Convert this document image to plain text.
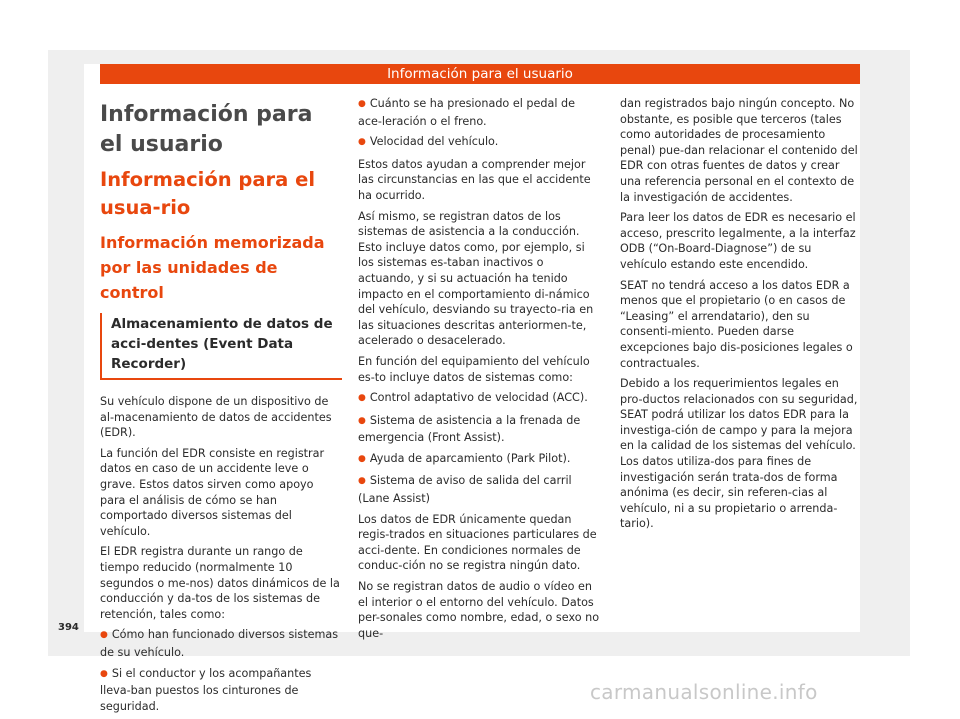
Información para el usuario
Información para el usuario
Información para el usua-rio
Información memorizada por las unidades de control
Almacenamiento de datos de acci-dentes (Event Data Recorder)
Su vehículo dispone de un dispositivo de al-macenamiento de datos de accidentes (EDR).
La función del EDR consiste en registrar datos en caso de un accidente leve o grave. Estos datos sirven como apoyo para el análisis de cómo se han comportado diversos sistemas del vehículo.
El EDR registra durante un rango de tiempo reducido (normalmente 10 segundos o me-nos) datos dinámicos de la conducción y da-tos de los sistemas de retención, tales como:
● Cómo han funcionado diversos sistemas de su vehículo.
● Si el conductor y los acompañantes lleva-ban puestos los cinturones de seguridad.
● Cuánto se ha presionado el pedal de ace-leración o el freno.
● Velocidad del vehículo.
Estos datos ayudan a comprender mejor las circunstancias en las que el accidente ha ocurrido.
Así mismo, se registran datos de los sistemas de asistencia a la conducción. Esto incluye datos como, por ejemplo, si los sistemas es-taban inactivos o actuando, y si su actuación ha tenido impacto en el comportamiento di-námico del vehículo, desviando su trayecto-ria en las situaciones descritas anteriormen-te, acelerado o desacelerado.
En función del equipamiento del vehículo es-to incluye datos de sistemas como:
● Control adaptativo de velocidad (ACC).
● Sistema de asistencia a la frenada de emergencia (Front Assist).
● Ayuda de aparcamiento (Park Pilot).
● Sistema de aviso de salida del carril (Lane Assist)
Los datos de EDR únicamente quedan regis-trados en situaciones particulares de acci-dente. En condiciones normales de conduc-ción no se registra ningún dato.
No se registran datos de audio o vídeo en el interior o el entorno del vehículo. Datos per-sonales como nombre, edad, o sexo no que-
dan registrados bajo ningún concepto. No obstante, es posible que terceros (tales como autoridades de procesamiento penal) pue-dan relacionar el contenido del EDR con otras fuentes de datos y crear una referencia personal en el contexto de la investigación de accidentes.
Para leer los datos de EDR es necesario el acceso, prescrito legalmente, a la interfaz ODB (“On-Board-Diagnose”) de su vehículo estando este encendido.
SEAT no tendrá acceso a los datos EDR a menos que el propietario (o en casos de “Leasing” el arrendatario), den su consenti-miento. Pueden darse excepciones bajo dis-posiciones legales o contractuales.
Debido a los requerimientos legales en pro-ductos relacionados con su seguridad, SEAT podrá utilizar los datos EDR para la investiga-ción de campo y para la mejora en la calidad de los sistemas del vehículo. Los datos utiliza-dos para fines de investigación serán trata-dos de forma anónima (es decir, sin referen-cias al vehículo, ni a su propietario o arrenda-tario).
394
carmanualsonline.info
